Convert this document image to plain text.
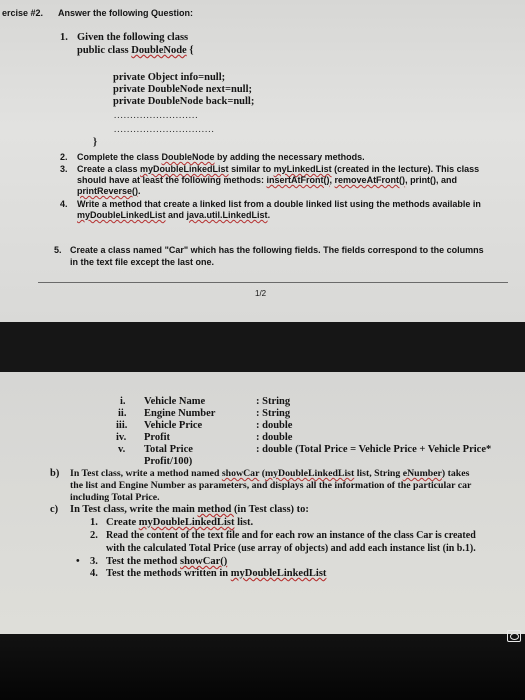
ercise #2. Answer the following Question:
1. Given the following class
public class DoubleNode {
private Object info=null;
private DoubleNode next=null;
private DoubleNode back=null;
..........................
...............................
}
2. Complete the class DoubleNode by adding the necessary methods.
3. Create a class myDoubleLinkedList similar to myLinkedList (created in the lecture). This class
should have at least the following methods: insertAtFront(), removeAtFront(), print(), and
printReverse().
4. Write a method that create a linked list from a double linked list using the methods available in
myDoubleLinkedList and java.util.LinkedList.
5. Create a class named "Car" which has the following fields. The fields correspond to the columns
in the text file except the last one.
1/2
i. Vehicle Name	: String
ii. Engine Number	: String
iii. Vehicle Price	: double
iv. Profit	: double
v. Total Price	: double (Total Price = Vehicle Price + Vehicle Price*
Profit/100)
b) In Test class, write a method named showCar (myDoubleLinkedList list, String eNumber) takes
the list and Engine Number as parameters, and displays all the information of the particular car
including Total Price.
c) In Test class, write the main method (in Test class) to:
1. Create myDoubleLinkedList list.
2. Read the content of the text file and for each row an instance of the class Car is created
with the calculated Total Price (use array of objects) and add each instance list (in b.1).
• 3. Test the method showCar()
4. Test the methods written in myDoubleLinkedList
